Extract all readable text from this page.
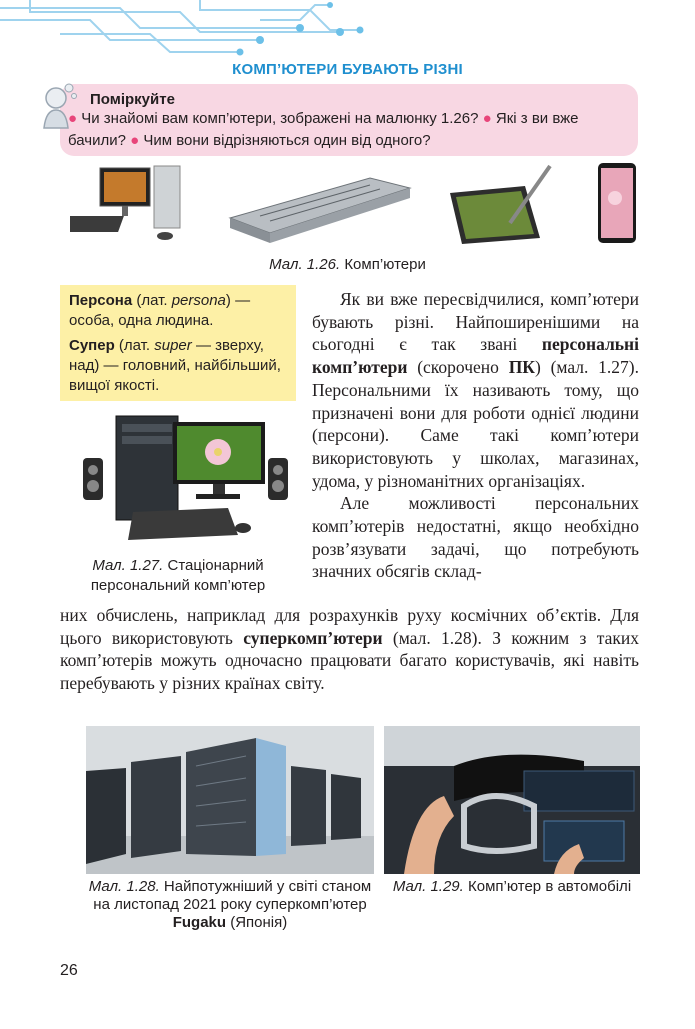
КОМП’ЮТЕРИ БУВАЮТЬ РІЗНІ
Поміркуйте
● Чи знайомі вам комп’ютери, зображені на малюнку 1.26? ● Які з ви вже бачили? ● Чим вони відрізняються один від одного?
Мал. 1.26. Комп’ютери

Персона (лат. persona) — особа, одна людина.

Супер (лат. super — зверху, над) — головний, найбільший, вищої якості.

Мал. 1.27. Стаціонарний персональний комп’ютер

Як ви вже пересвідчилися, комп’ютери бувають різні. Найпоширенішими на сьогодні є так звані персональні комп’ютери (скорочено ПК) (мал. 1.27). Персональними їх називають тому, що призначені вони для роботи однієї людини (персони). Саме такі комп’ютери використовують у школах, магазинах, удома, у різноманітних організаціях.

Але можливості персональних комп’ютерів недостатні, якщо необхідно розв’язувати задачі, що потребують значних обсягів склад-

них обчислень, наприклад для розрахунків руху космічних об’єктів. Для цього використовують суперкомп’ютери (мал. 1.28). З кожним з таких комп’ютерів можуть одночасно працювати багато користувачів, які навіть перебувають у різних країнах світу.
Мал. 1.28. Найпотужніший у світі станом на листопад 2021 року суперкомп’ютер Fugaku (Японія)
Мал. 1.29. Комп’ютер в автомобілі
26
